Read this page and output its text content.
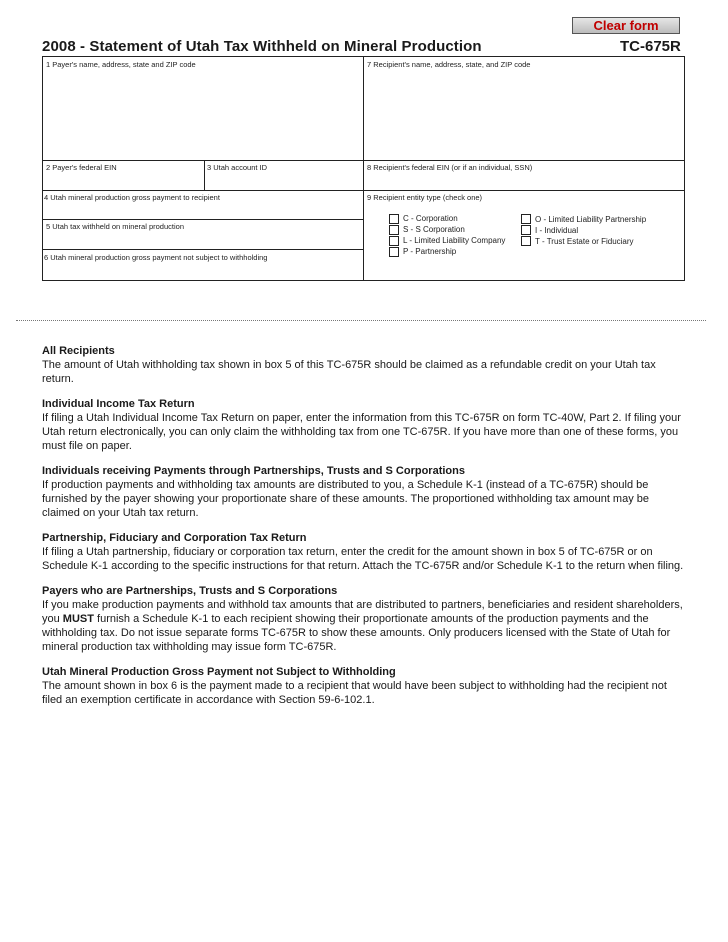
Clear form
2008 - Statement of Utah Tax Withheld on Mineral Production	TC-675R
1 Payer's name, address, state and ZIP code
2 Payer's federal EIN	3 Utah account ID
4 Utah mineral production gross payment to recipient
5 Utah tax withheld on mineral production
6 Utah mineral production gross payment not subject to withholding
7 Recipient's name, address, state, and ZIP code
8 Recipient's federal EIN (or if an individual, SSN)
9 Recipient entity type (check one)
C - Corporation
S - S Corporation
L - Limited Liability Company
P - Partnership
O - Limited Liability Partnership
I - Individual
T - Trust Estate or Fiduciary
All Recipients

The amount of Utah withholding tax shown in box 5 of this TC-675R should be claimed as a refundable credit on your Utah tax return.

Individual Income Tax Return

If filing a Utah Individual Income Tax Return on paper, enter the information from this TC-675R on form TC-40W, Part 2. If filing your Utah return electronically, you can only claim the withholding tax from one TC-675R. If you have more than one of these forms, you must file on paper.

Individuals receiving Payments through Partnerships, Trusts and S Corporations

If production payments and withholding tax amounts are distributed to you, a Schedule K-1 (instead of a TC-675R) should be furnished by the payer showing your proportionate share of these amounts. The proportioned withholding tax amount may be claimed on your Utah tax return.

Partnership, Fiduciary and Corporation Tax Return

If filing a Utah partnership, fiduciary or corporation tax return, enter the credit for the amount shown in box 5 of TC-675R or on Schedule K-1 according to the specific instructions for that return. Attach the TC-675R and/or Schedule K-1 to the return when filing.

Payers who are Partnerships, Trusts and S Corporations

If you make production payments and withhold tax amounts that are distributed to partners, beneficiaries and resident shareholders, you MUST furnish a Schedule K-1 to each recipient showing their proportionate amounts of the production payments and the withholding tax. Do not issue separate forms TC-675R to show these amounts. Only producers licensed with the State of Utah for mineral production tax withholding may issue form TC-675R.

Utah Mineral Production Gross Payment not Subject to Withholding

The amount shown in box 6 is the payment made to a recipient that would have been subject to withholding had the recipient not filed an exemption certificate in accordance with Section 59-6-102.1.
